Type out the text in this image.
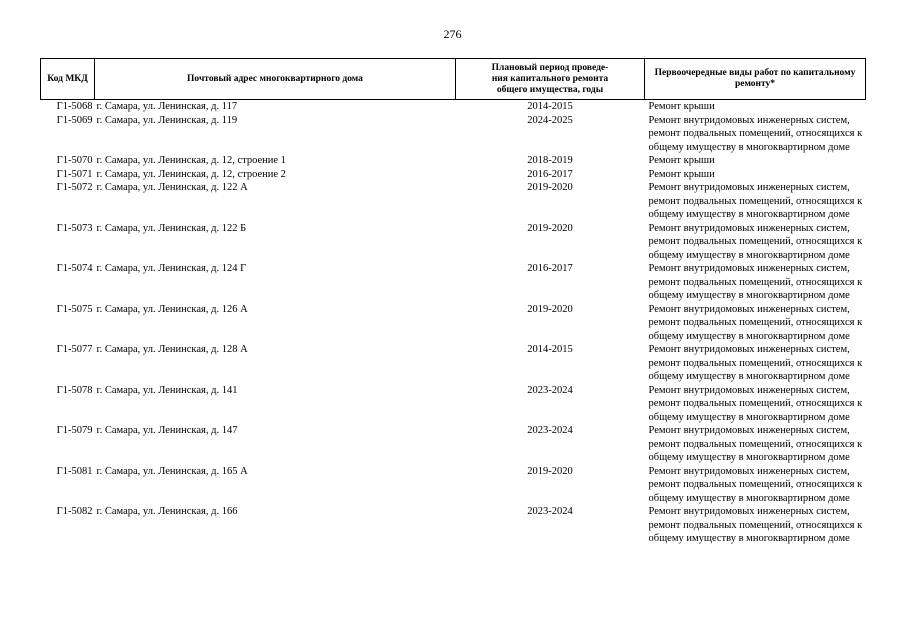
276
Код МКД	Почтовый адрес многоквартирного дома	Плановый период проведе-
ния капитального ремонта
общего имущества, годы	Первоочередные виды работ по капитальному
ремонту*

Г1-5068	г. Самара, ул. Ленинская, д. 117	2014-2015	Ремонт крыши

Г1-5069	г. Самара, ул. Ленинская, д. 119	2024-2025	Ремонт внутридомовых инженерных систем,
ремонт подвальных помещений, относящихся к
общему имуществу в многоквартирном доме

Г1-5070	г. Самара, ул. Ленинская, д. 12, строение 1	2018-2019	Ремонт крыши

Г1-5071	г. Самара, ул. Ленинская, д. 12, строение 2	2016-2017	Ремонт крыши

Г1-5072	г. Самара, ул. Ленинская, д. 122 А	2019-2020	Ремонт внутридомовых инженерных систем,
ремонт подвальных помещений, относящихся к
общему имуществу в многоквартирном доме

Г1-5073	г. Самара, ул. Ленинская, д. 122 Б	2019-2020	Ремонт внутридомовых инженерных систем,
ремонт подвальных помещений, относящихся к
общему имуществу в многоквартирном доме

Г1-5074	г. Самара, ул. Ленинская, д. 124 Г	2016-2017	Ремонт внутридомовых инженерных систем,
ремонт подвальных помещений, относящихся к
общему имуществу в многоквартирном доме

Г1-5075	г. Самара, ул. Ленинская, д. 126 А	2019-2020	Ремонт внутридомовых инженерных систем,
ремонт подвальных помещений, относящихся к
общему имуществу в многоквартирном доме

Г1-5077	г. Самара, ул. Ленинская, д. 128 А	2014-2015	Ремонт внутридомовых инженерных систем,
ремонт подвальных помещений, относящихся к
общему имуществу в многоквартирном доме

Г1-5078	г. Самара, ул. Ленинская, д. 141	2023-2024	Ремонт внутридомовых инженерных систем,
ремонт подвальных помещений, относящихся к
общему имуществу в многоквартирном доме

Г1-5079	г. Самара, ул. Ленинская, д. 147	2023-2024	Ремонт внутридомовых инженерных систем,
ремонт подвальных помещений, относящихся к
общему имуществу в многоквартирном доме

Г1-5081	г. Самара, ул. Ленинская, д. 165 А	2019-2020	Ремонт внутридомовых инженерных систем,
ремонт подвальных помещений, относящихся к
общему имуществу в многоквартирном доме

Г1-5082	г. Самара, ул. Ленинская, д. 166	2023-2024	Ремонт внутридомовых инженерных систем,
ремонт подвальных помещений, относящихся к
общему имуществу в многоквартирном доме
